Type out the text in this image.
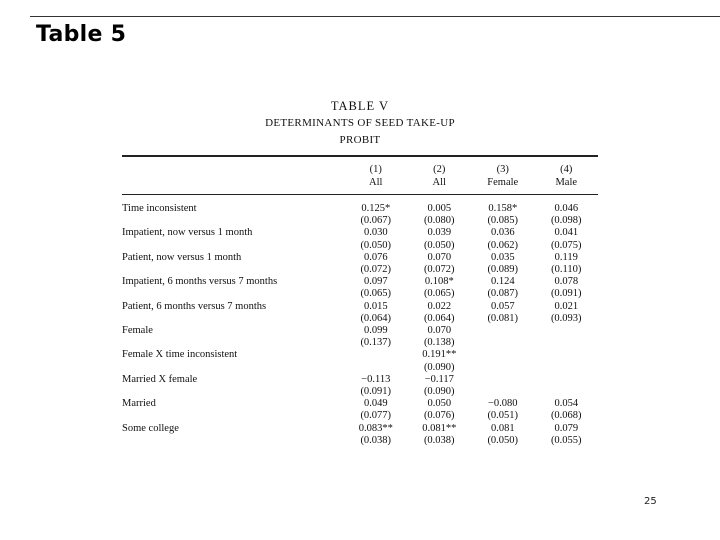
Table 5
TABLE V
DETERMINANTS OF SEED TAKE-UP
PROBIT
	(1)	(2)	(3)	(4)
	All	All	Female	Male
Time inconsistent	0.125*	0.005	0.158*	0.046
	(0.067)	(0.080)	(0.085)	(0.098)
Impatient, now versus 1 month	0.030	0.039	0.036	0.041
	(0.050)	(0.050)	(0.062)	(0.075)
Patient, now versus 1 month	0.076	0.070	0.035	0.119
	(0.072)	(0.072)	(0.089)	(0.110)
Impatient, 6 months versus 7 months	0.097	0.108*	0.124	0.078
	(0.065)	(0.065)	(0.087)	(0.091)
Patient, 6 months versus 7 months	0.015	0.022	0.057	0.021
	(0.064)	(0.064)	(0.081)	(0.093)
Female	0.099	0.070		
	(0.137)	(0.138)		
Female X time inconsistent		0.191**		
		(0.090)		
Married X female	−0.113	−0.117		
	(0.091)	(0.090)		
Married	0.049	0.050	−0.080	0.054
	(0.077)	(0.076)	(0.051)	(0.068)
Some college	0.083**	0.081**	0.081	0.079
	(0.038)	(0.038)	(0.050)	(0.055)
25
